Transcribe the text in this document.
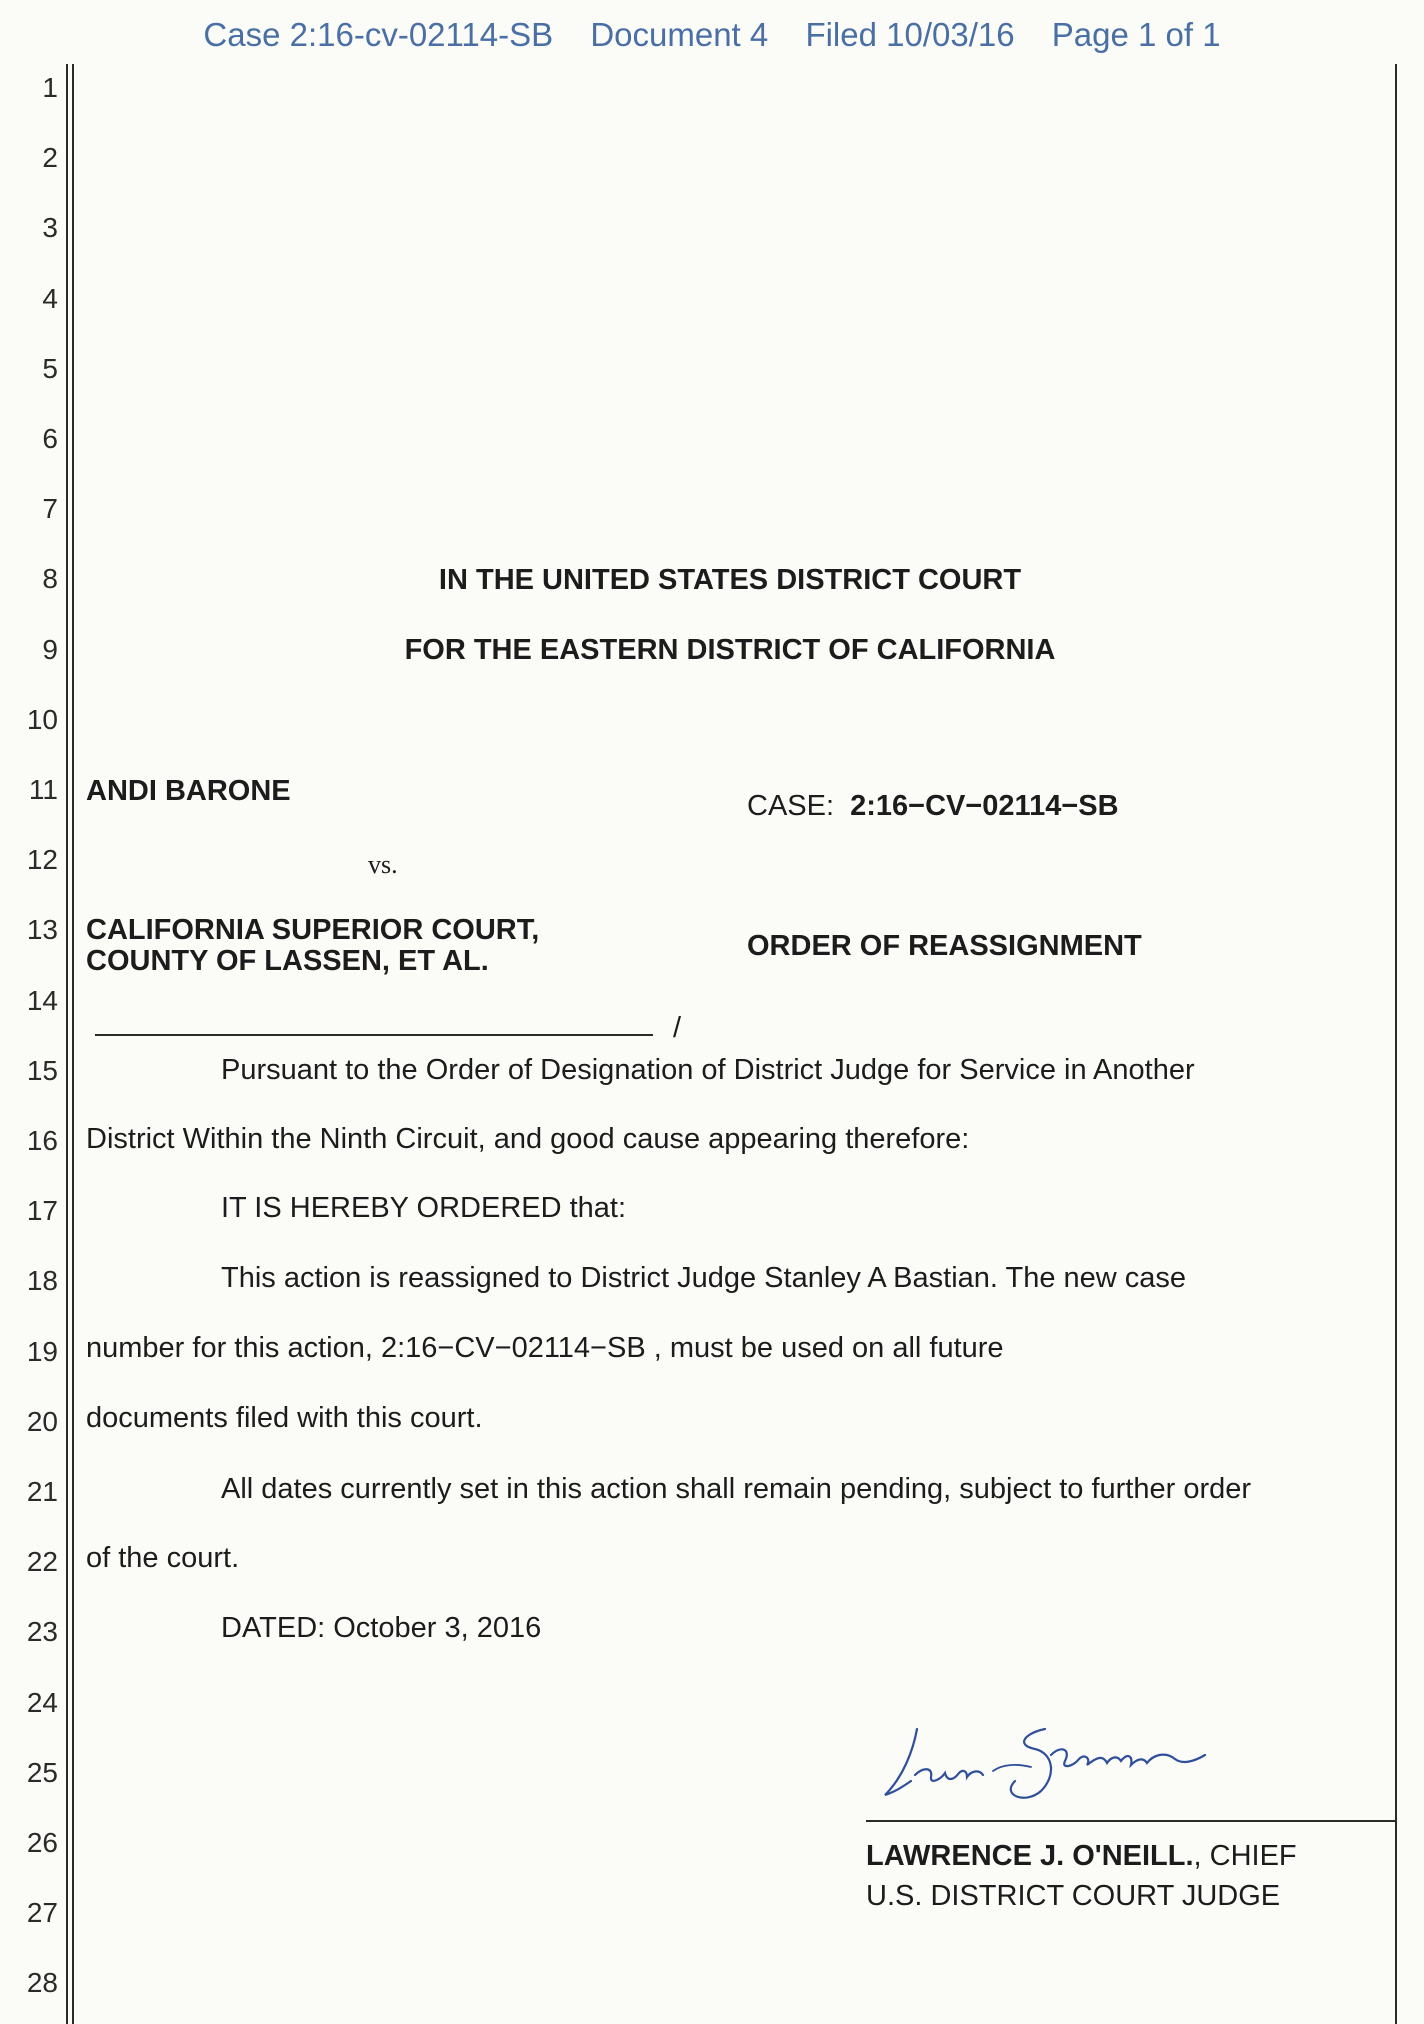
Case 2:16-cv-02114-SB Document 4 Filed 10/03/16 Page 1 of 1
1
2
3
4
5
6
7
8
9
10
11
12
13
14
15
16
17
18
19
20
21
22
23
24
25
26
27
28
IN THE UNITED STATES DISTRICT COURT
FOR THE EASTERN DISTRICT OF CALIFORNIA
ANDI BARONE
vs.
CALIFORNIA SUPERIOR COURT,
COUNTY OF LASSEN, ET AL.
CASE: 2:16−CV−02114−SB
ORDER OF REASSIGNMENT
/
Pursuant to the Order of Designation of District Judge for Service in Another
District Within the Ninth Circuit, and good cause appearing therefore:
IT IS HEREBY ORDERED that:
This action is reassigned to District Judge Stanley A Bastian. The new case
number for this action, 2:16−CV−02114−SB , must be used on all future
documents filed with this court.
All dates currently set in this action shall remain pending, subject to further order
of the court.
DATED: October 3, 2016
LAWRENCE J. O'NEILL., CHIEF
U.S. DISTRICT COURT JUDGE
